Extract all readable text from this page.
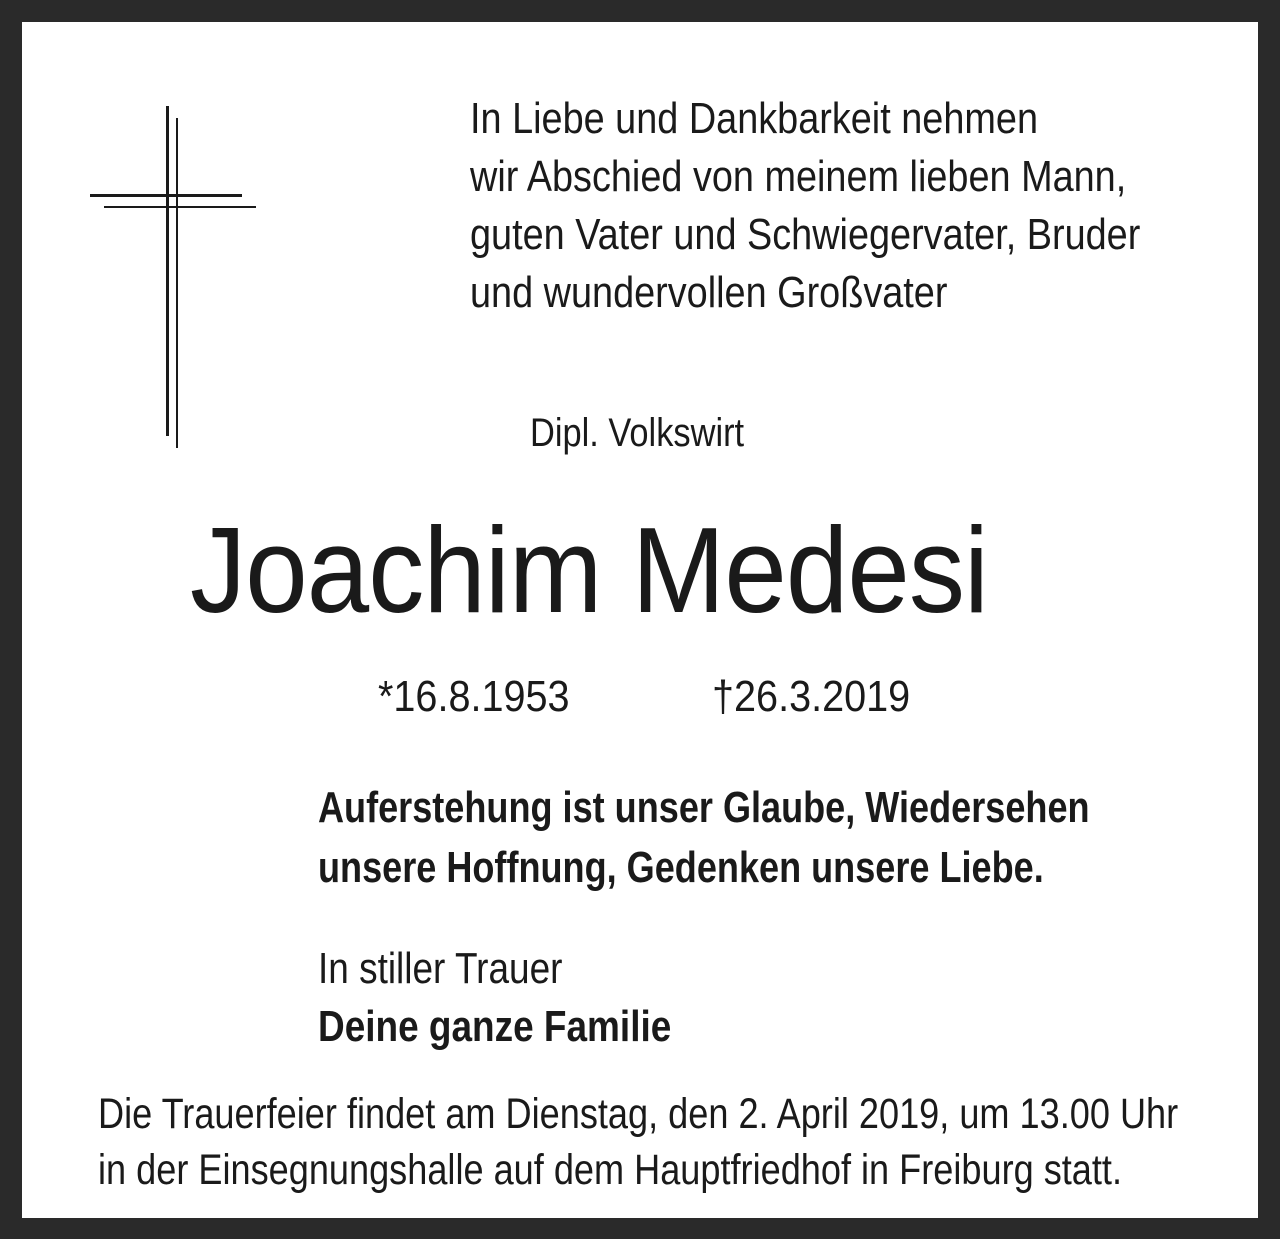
In Liebe und Dankbarkeit nehmen
wir Abschied von meinem lieben Mann,
guten Vater und Schwiegervater, Bruder
und wundervollen Großvater
Dipl. Volkswirt
Joachim Medesi
*16.8.1953	†26.3.2019
Auferstehung ist unser Glaube, Wiedersehen
unsere Hoffnung, Gedenken unsere Liebe.
In stiller Trauer
Deine ganze Familie
Die Trauerfeier findet am Dienstag, den 2. April 2019, um 13.00 Uhr
in der Einsegnungshalle auf dem Hauptfriedhof in Freiburg statt.
